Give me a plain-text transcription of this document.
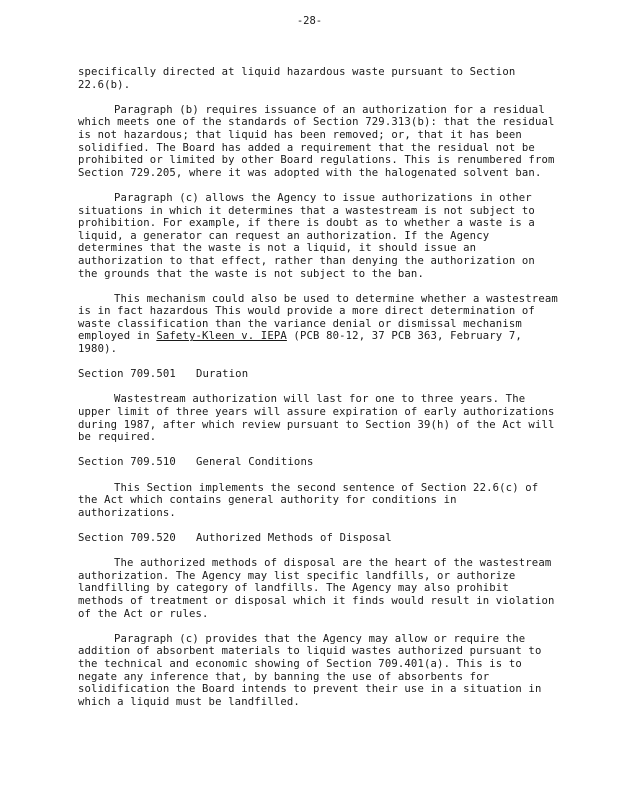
-28-

specifically directed at liquid hazardous waste pursuant to Section 22.6(b).

Paragraph (b) requires issuance of an authorization for a residual which meets one of the standards of Section 729.313(b): that the residual is not hazardous; that liquid has been removed; or, that it has been solidified. The Board has added a requirement that the residual not be prohibited or limited by other Board regulations. This is renumbered from Section 729.205, where it was adopted with the halogenated solvent ban.

Paragraph (c) allows the Agency to issue authorizations in other situations in which it determines that a wastestream is not subject to prohibition. For example, if there is doubt as to whether a waste is a liquid, a generator can request an authorization. If the Agency determines that the waste is not a liquid, it should issue an authorization to that effect, rather than denying the authorization on the grounds that the waste is not subject to the ban.

This mechanism could also be used to determine whether a wastestream is in fact hazardous This would provide a more direct determination of waste classification than the variance denial or dismissal mechanism employed in Safety-Kleen v. IEPA (PCB 80-12, 37 PCB 363, February 7, 1980).

Section 709.501 Duration

Wastestream authorization will last for one to three years. The upper limit of three years will assure expiration of early authorizations during 1987, after which review pursuant to Section 39(h) of the Act will be required.

Section 709.510 General Conditions

This Section implements the second sentence of Section 22.6(c) of the Act which contains general authority for conditions in authorizations.

Section 709.520 Authorized Methods of Disposal

The authorized methods of disposal are the heart of the wastestream authorization. The Agency may list specific landfills, or authorize landfilling by category of landfills. The Agency may also prohibit methods of treatment or disposal which it finds would result in violation of the Act or rules.

Paragraph (c) provides that the Agency may allow or require the addition of absorbent materials to liquid wastes authorized pursuant to the technical and economic showing of Section 709.401(a). This is to negate any inference that, by banning the use of absorbents for solidification the Board intends to prevent their use in a situation in which a liquid must be landfilled.
